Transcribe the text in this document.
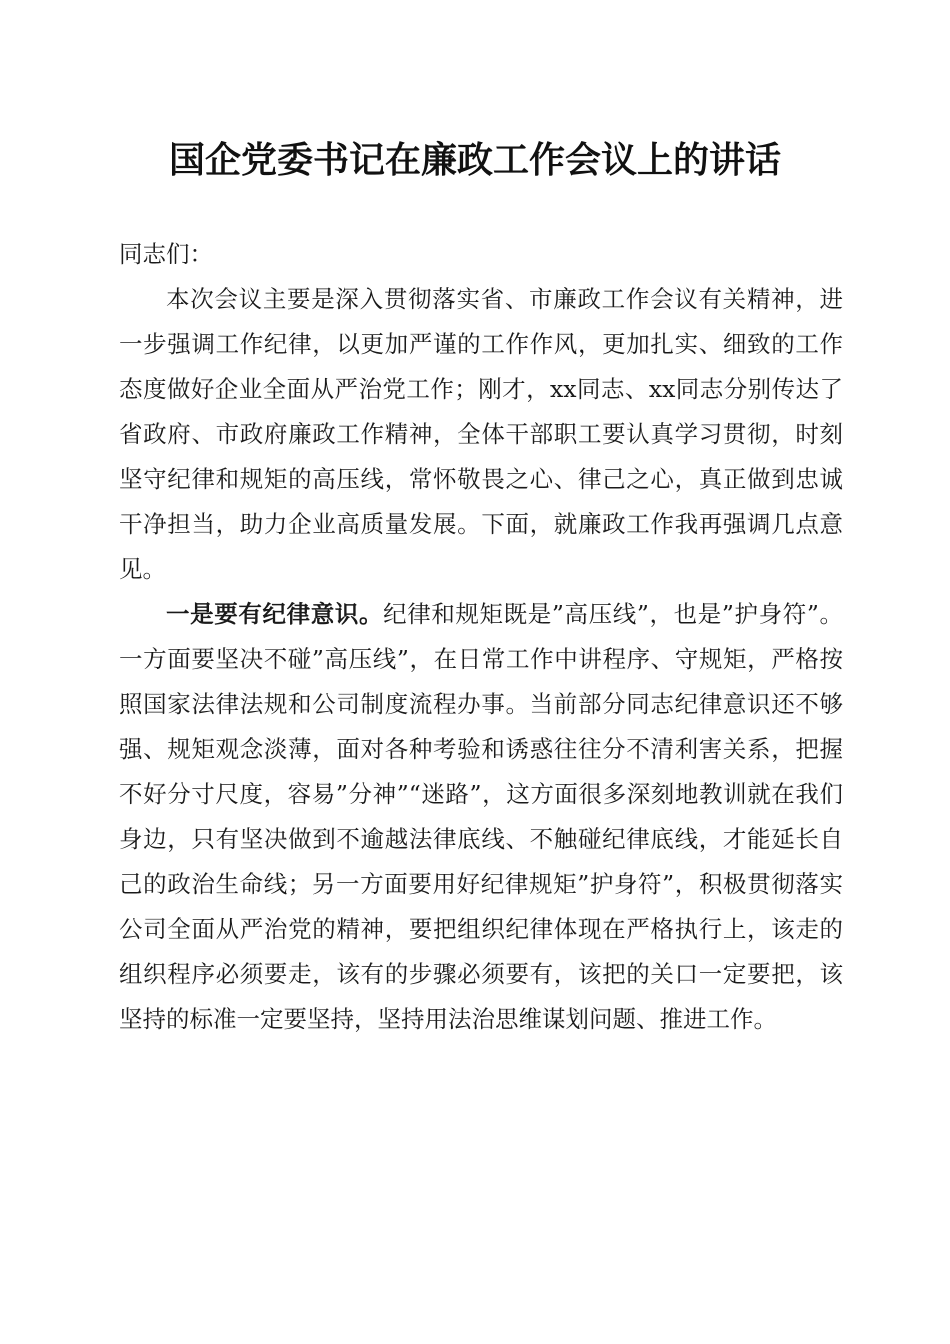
国企党委书记在廉政工作会议上的讲话

同志们：

本次会议主要是深入贯彻落实省、市廉政工作会议有关精神，进一步强调工作纪律，以更加严谨的工作作风，更加扎实、细致的工作态度做好企业全面从严治党工作；刚才，xx同志、xx同志分别传达了省政府、市政府廉政工作精神，全体干部职工要认真学习贯彻，时刻坚守纪律和规矩的高压线，常怀敬畏之心、律己之心，真正做到忠诚干净担当，助力企业高质量发展。下面，就廉政工作我再强调几点意见。

一是要有纪律意识。纪律和规矩既是”高压线”，也是”护身符”。一方面要坚决不碰”高压线”，在日常工作中讲程序、守规矩，严格按照国家法律法规和公司制度流程办事。当前部分同志纪律意识还不够强、规矩观念淡薄，面对各种考验和诱惑往往分不清利害关系，把握不好分寸尺度，容易”分神”“迷路”，这方面很多深刻地教训就在我们身边，只有坚决做到不逾越法律底线、不触碰纪律底线，才能延长自己的政治生命线；另一方面要用好纪律规矩”护身符”，积极贯彻落实公司全面从严治党的精神，要把组织纪律体现在严格执行上，该走的组织程序必须要走，该有的步骤必须要有，该把的关口一定要把，该坚持的标准一定要坚持，坚持用法治思维谋划问题、推进工作。
